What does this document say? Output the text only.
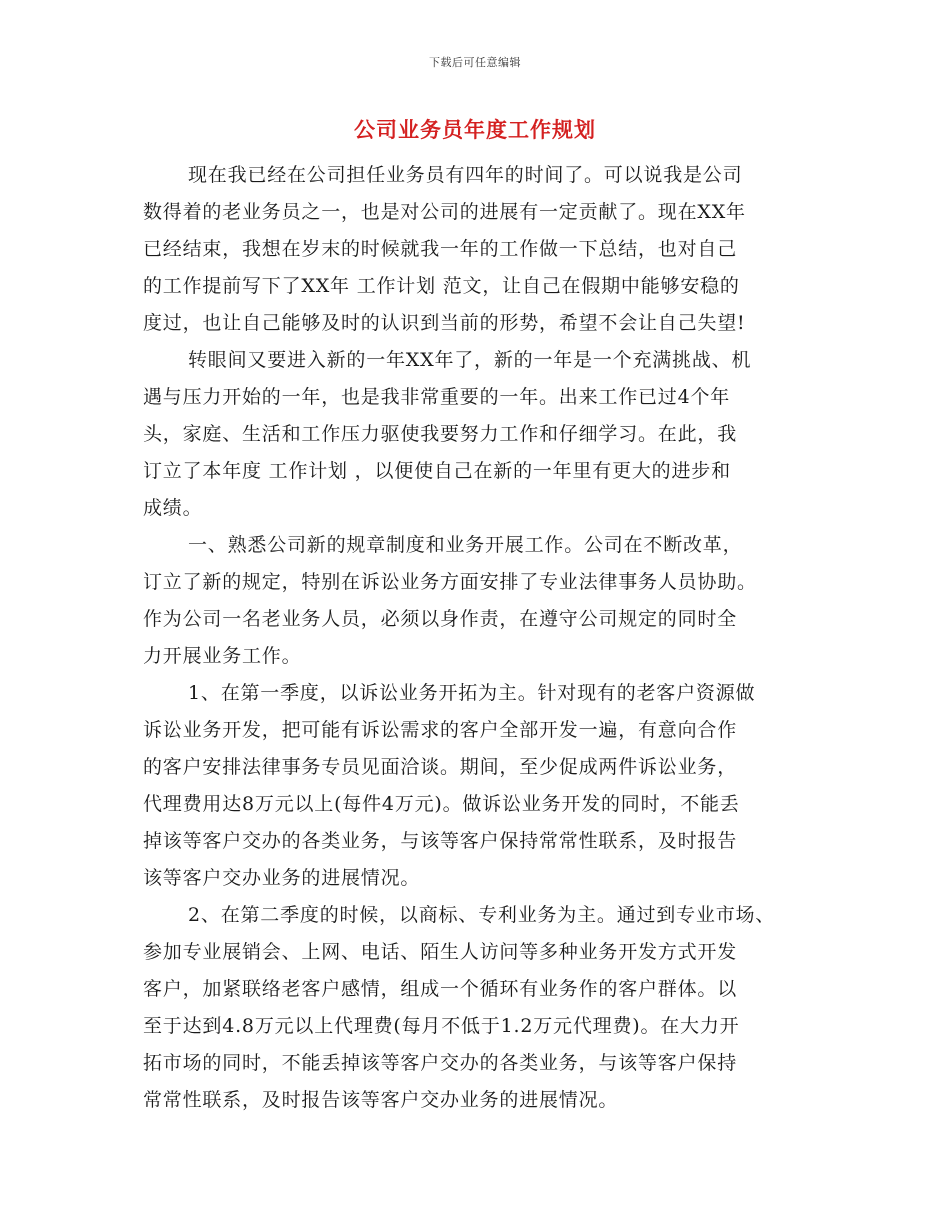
下载后可任意编辑
公司业务员年度工作规划
现在我已经在公司担任业务员有四年的时间了。可以说我是公司
数得着的老业务员之一，也是对公司的进展有一定贡献了。现在XX年
已经结束，我想在岁末的时候就我一年的工作做一下总结，也对自己
的工作提前写下了XX年 工作计划 范文，让自己在假期中能够安稳的
度过，也让自己能够及时的认识到当前的形势，希望不会让自己失望!
转眼间又要进入新的一年XX年了，新的一年是一个充满挑战、机
遇与压力开始的一年，也是我非常重要的一年。出来工作已过4个年
头，家庭、生活和工作压力驱使我要努力工作和仔细学习。在此，我
订立了本年度 工作计划 ，以便使自己在新的一年里有更大的进步和
成绩。
一、熟悉公司新的规章制度和业务开展工作。公司在不断改革，
订立了新的规定，特别在诉讼业务方面安排了专业法律事务人员协助。
作为公司一名老业务人员，必须以身作责，在遵守公司规定的同时全
力开展业务工作。
1、在第一季度，以诉讼业务开拓为主。针对现有的老客户资源做
诉讼业务开发，把可能有诉讼需求的客户全部开发一遍，有意向合作
的客户安排法律事务专员见面洽谈。期间，至少促成两件诉讼业务，
代理费用达8万元以上(每件4万元)。做诉讼业务开发的同时，不能丢
掉该等客户交办的各类业务，与该等客户保持常常性联系，及时报告
该等客户交办业务的进展情况。
2、在第二季度的时候，以商标、专利业务为主。通过到专业市场、
参加专业展销会、上网、电话、陌生人访问等多种业务开发方式开发
客户，加紧联络老客户感情，组成一个循环有业务作的客户群体。以
至于达到4.8万元以上代理费(每月不低于1.2万元代理费)。在大力开
拓市场的同时，不能丢掉该等客户交办的各类业务，与该等客户保持
常常性联系，及时报告该等客户交办业务的进展情况。
